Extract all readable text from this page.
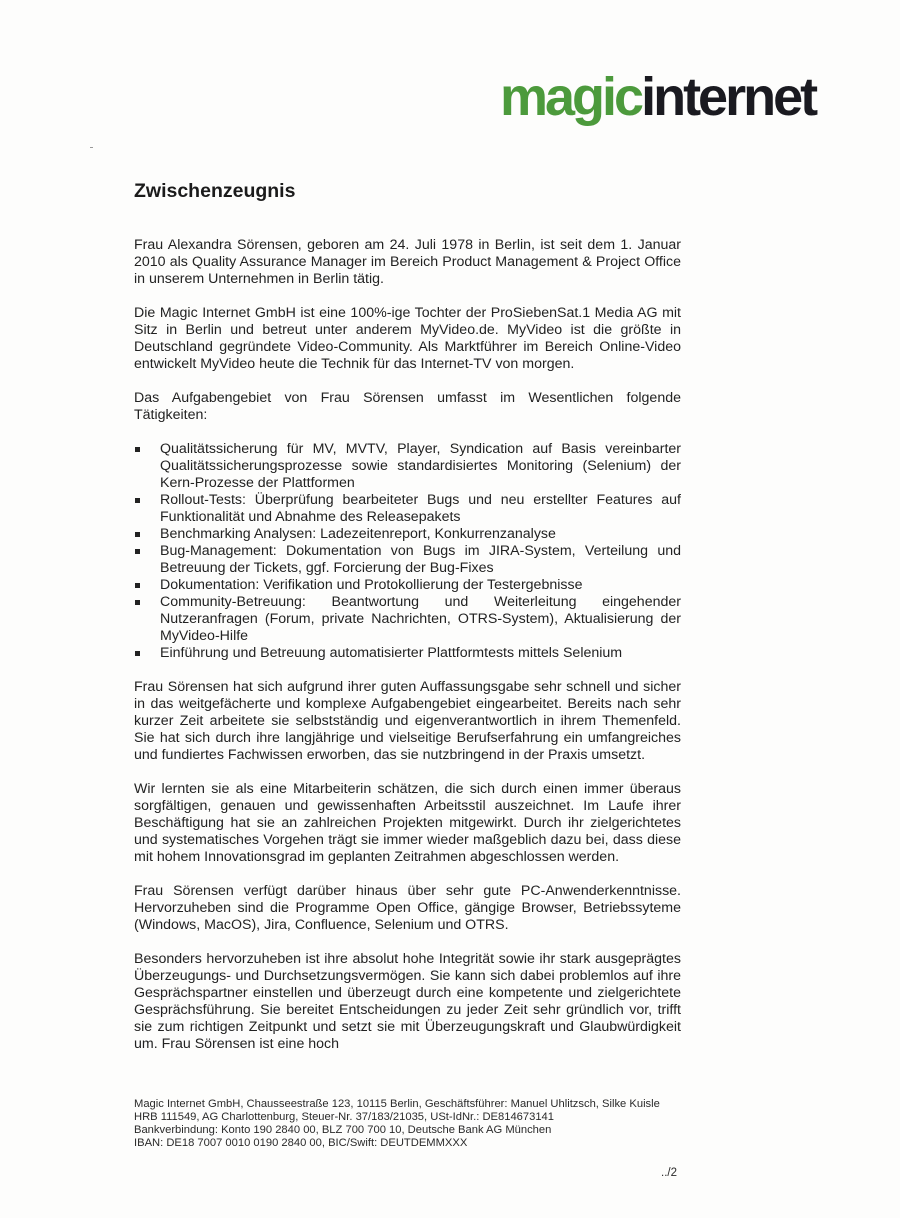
magicinternet
Zwischenzeugnis

Frau Alexandra Sörensen, geboren am 24. Juli 1978 in Berlin, ist seit dem 1. Januar 2010 als Quality Assurance Manager im Bereich Product Management & Project Office in unserem Unternehmen in Berlin tätig.

Die Magic Internet GmbH ist eine 100%-ige Tochter der ProSiebenSat.1 Media AG mit Sitz in Berlin und betreut unter anderem MyVideo.de. MyVideo ist die größte in Deutschland gegründete Video-Community. Als Marktführer im Bereich Online-Video entwickelt MyVideo heute die Technik für das Internet-TV von morgen.

Das Aufgabengebiet von Frau Sörensen umfasst im Wesentlichen folgende Tätigkeiten:

Qualitätssicherung für MV, MVTV, Player, Syndication auf Basis vereinbarter Qualitätssicherungsprozesse sowie standardisiertes Monitoring (Selenium) der Kern-Prozesse der Plattformen
Rollout-Tests: Überprüfung bearbeiteter Bugs und neu erstellter Features auf Funktionalität und Abnahme des Releasepakets
Benchmarking Analysen: Ladezeitenreport, Konkurrenzanalyse
Bug-Management: Dokumentation von Bugs im JIRA-System, Verteilung und Betreuung der Tickets, ggf. Forcierung der Bug-Fixes
Dokumentation: Verifikation und Protokollierung der Testergebnisse
Community-Betreuung: Beantwortung und Weiterleitung eingehender Nutzeranfragen (Forum, private Nachrichten, OTRS-System), Aktualisierung der MyVideo-Hilfe
Einführung und Betreuung automatisierter Plattformtests mittels Selenium

Frau Sörensen hat sich aufgrund ihrer guten Auffassungsgabe sehr schnell und sicher in das weitgefächerte und komplexe Aufgabengebiet eingearbeitet. Bereits nach sehr kurzer Zeit arbeitete sie selbstständig und eigenverantwortlich in ihrem Themenfeld. Sie hat sich durch ihre langjährige und vielseitige Berufserfahrung ein umfangreiches und fundiertes Fachwissen erworben, das sie nutzbringend in der Praxis umsetzt.

Wir lernten sie als eine Mitarbeiterin schätzen, die sich durch einen immer überaus sorgfältigen, genauen und gewissenhaften Arbeitsstil auszeichnet. Im Laufe ihrer Beschäftigung hat sie an zahlreichen Projekten mitgewirkt. Durch ihr zielgerichtetes und systematisches Vorgehen trägt sie immer wieder maßgeblich dazu bei, dass diese mit hohem Innovationsgrad im geplanten Zeitrahmen abgeschlossen werden.

Frau Sörensen verfügt darüber hinaus über sehr gute PC-Anwenderkenntnisse. Hervorzuheben sind die Programme Open Office, gängige Browser, Betriebssyteme (Windows, MacOS), Jira, Confluence, Selenium und OTRS.

Besonders hervorzuheben ist ihre absolut hohe Integrität sowie ihr stark ausgeprägtes Überzeugungs- und Durchsetzungsvermögen. Sie kann sich dabei problemlos auf ihre Gesprächspartner einstellen und überzeugt durch eine kompetente und zielgerichtete Gesprächsführung. Sie bereitet Entscheidungen zu jeder Zeit sehr gründlich vor, trifft sie zum richtigen Zeitpunkt und setzt sie mit Überzeugungskraft und Glaubwürdigkeit um. Frau Sörensen ist eine hoch

Magic Internet GmbH, Chausseestraße 123, 10115 Berlin, Geschäftsführer: Manuel Uhlitzsch, Silke Kuisle
HRB 111549, AG Charlottenburg, Steuer-Nr. 37/183/21035, USt-IdNr.: DE814673141
Bankverbindung: Konto 190 2840 00, BLZ 700 700 10, Deutsche Bank AG München
IBAN: DE18 7007 0010 0190 2840 00, BIC/Swift: DEUTDEMMXXX
../2
